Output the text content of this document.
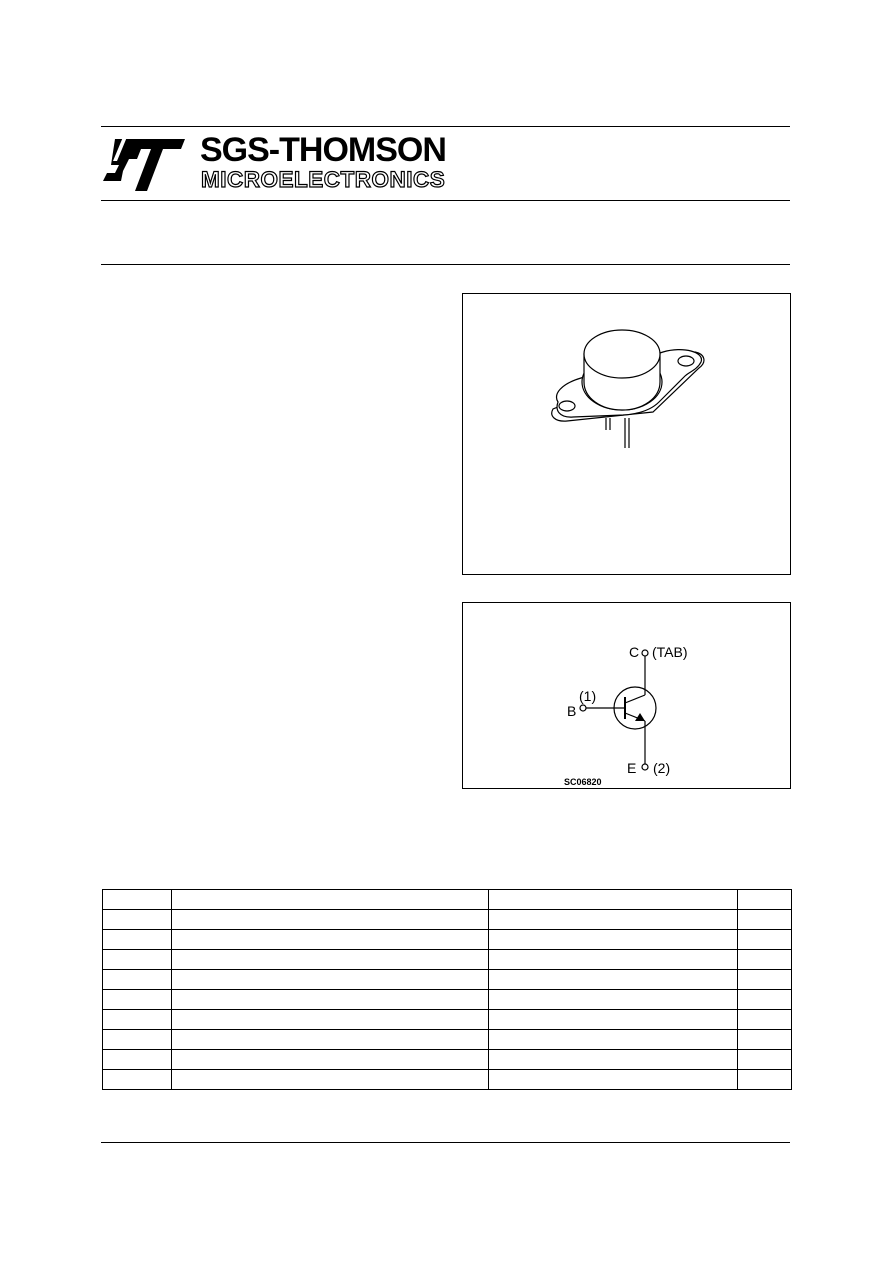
SGS-THOMSON
MICROELECTRONICS
C (TAB)
(1)
B
E (2)
SC06820
